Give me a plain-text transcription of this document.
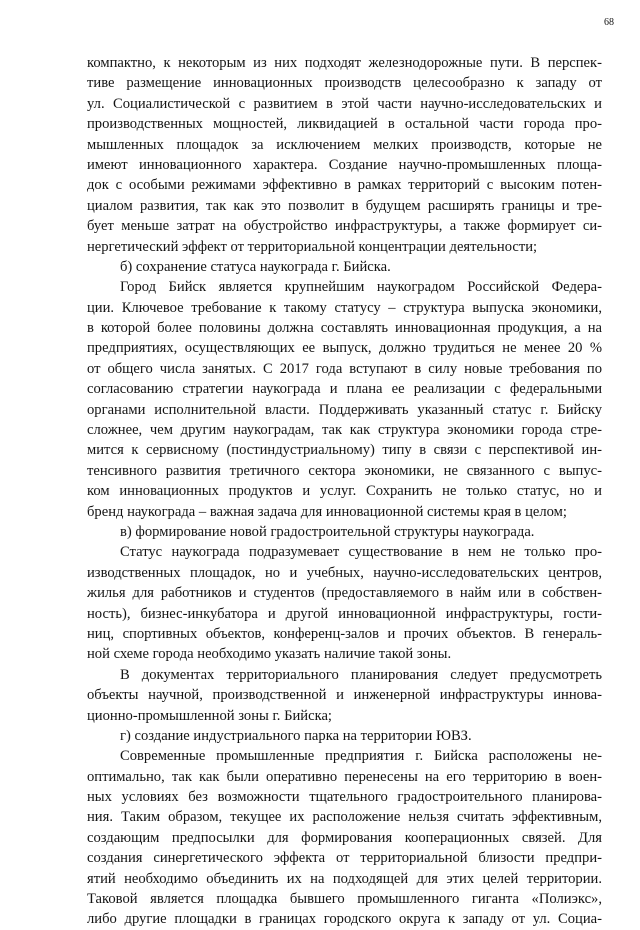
68
компактно, к некоторым из них подходят железнодорожные пути. В перспек-
тиве размещение инновационных производств целесообразно к западу от
ул. Социалистической с развитием в этой части научно-исследовательских и
производственных мощностей, ликвидацией в остальной части города про-
мышленных площадок за исключением мелких производств, которые не
имеют инновационного характера. Создание научно-промышленных площа-
док с особыми режимами эффективно в рамках территорий с высоким потен-
циалом развития, так как это позволит в будущем расширять границы и тре-
бует меньше затрат на обустройство инфраструктуры, а также формирует си-
нергетический эффект от территориальной концентрации деятельности;
б) сохранение статуса наукограда г. Бийска.
Город Бийск является крупнейшим наукоградом Российской Федера-
ции. Ключевое требование к такому статусу – структура выпуска экономики,
в которой более половины должна составлять инновационная продукция, а на
предприятиях, осуществляющих ее выпуск, должно трудиться не менее 20 %
от общего числа занятых. С 2017 года вступают в силу новые требования по
согласованию стратегии наукограда и плана ее реализации с федеральными
органами исполнительной власти. Поддерживать указанный статус г. Бийску
сложнее, чем другим наукоградам, так как структура экономики города стре-
мится к сервисному (постиндустриальному) типу в связи с перспективой ин-
тенсивного развития третичного сектора экономики, не связанного с выпус-
ком инновационных продуктов и услуг. Сохранить не только статус, но и
бренд наукограда – важная задача для инновационной системы края в целом;
в) формирование новой градостроительной структуры наукограда.
Статус наукограда подразумевает существование в нем не только про-
изводственных площадок, но и учебных, научно-исследовательских центров,
жилья для работников и студентов (предоставляемого в найм или в собствен-
ность), бизнес-инкубатора и другой инновационной инфраструктуры, гости-
ниц, спортивных объектов, конференц-залов и прочих объектов. В генераль-
ной схеме города необходимо указать наличие такой зоны.
В документах территориального планирования следует предусмотреть
объекты научной, производственной и инженерной инфраструктуры иннова-
ционно-промышленной зоны г. Бийска;
г) создание индустриального парка на территории ЮВЗ.
Современные промышленные предприятия г. Бийска расположены не-
оптимально, так как были оперативно перенесены на его территорию в воен-
ных условиях без возможности тщательного градостроительного планирова-
ния. Таким образом, текущее их расположение нельзя считать эффективным,
создающим предпосылки для формирования кооперационных связей. Для
создания синергетического эффекта от территориальной близости предпри-
ятий необходимо объединить их на подходящей для этих целей территории.
Таковой является площадка бывшего промышленного гиганта «Полиэкс»,
либо другие площадки в границах городского округа к западу от ул. Социа-
